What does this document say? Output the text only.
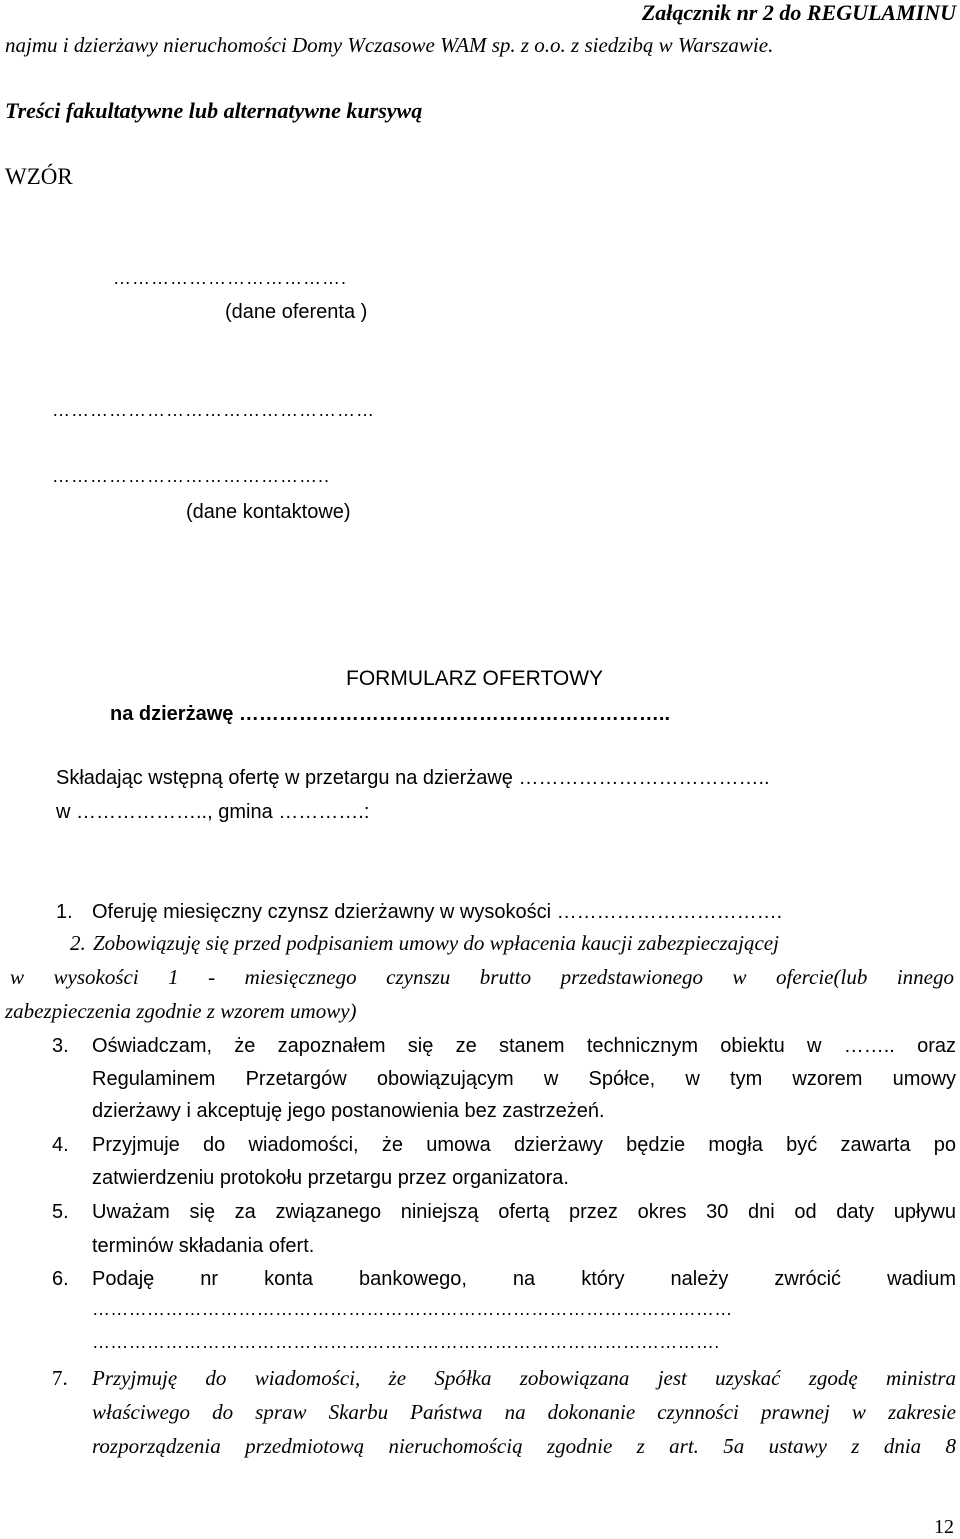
Załącznik nr 2 do REGULAMINU
najmu i dzierżawy nieruchomości Domy Wczasowe WAM sp. z o.o. z siedzibą w Warszawie.
Treści fakultatywne lub alternatywne kursywą
WZÓR
……………………………….
(dane oferenta )
……………………………………………
……………………………………..
(dane kontaktowe)
FORMULARZ OFERTOWY
na dzierżawę ………………………………………………………..
Składając wstępną ofertę w przetargu na dzierżawę ………………………………..
w ……………….., gmina ………….:
1. Oferuję miesięczny czynsz dzierżawny w wysokości …………………………….
2. Zobowiązuję się przed podpisaniem umowy do wpłacenia kaucji zabezpieczającej
w wysokości 1 - miesięcznego czynszu brutto przedstawionego w ofercie(lub innego
zabezpieczenia zgodnie z wzorem umowy)
3. Oświadczam, że zapoznałem się ze stanem technicznym obiektu w …….. oraz
Regulaminem Przetargów obowiązującym w Spółce, w tym wzorem umowy
dzierżawy i akceptuję jego postanowienia bez zastrzeżeń.
4. Przyjmuje do wiadomości, że umowa dzierżawy będzie mogła być zawarta po
zatwierdzeniu protokołu przetargu przez organizatora.
5. Uważam się za związanego niniejszą ofertą przez okres 30 dni od daty upływu
terminów składania ofert.
6. Podaję nr konta bankowego, na który należy zwrócić wadium
……………………………………………………………………………………………
………………………………………………………………………………………….
7. Przyjmuję do wiadomości, że Spółka zobowiązana jest uzyskać zgodę ministra
właściwego do spraw Skarbu Państwa na dokonanie czynności prawnej w zakresie
rozporządzenia przedmiotową nieruchomością zgodnie z art. 5a ustawy z dnia 8
12
